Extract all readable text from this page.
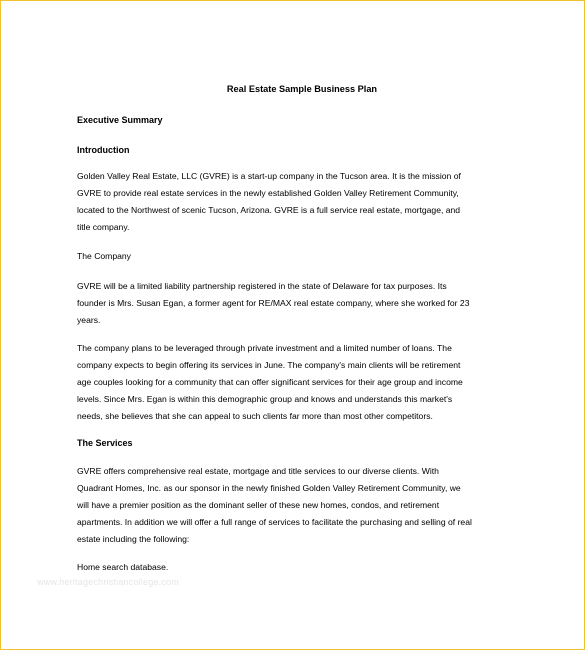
Real Estate Sample Business Plan
Executive Summary
Introduction
Golden Valley Real Estate, LLC (GVRE) is a start-up company in the Tucson area. It is the mission of
GVRE to provide real estate services in the newly established Golden Valley Retirement Community,
located to the Northwest of scenic Tucson, Arizona. GVRE is a full service real estate, mortgage, and
title company.
The Company
GVRE will be a limited liability partnership registered in the state of Delaware for tax purposes. Its
founder is Mrs. Susan Egan, a former agent for RE/MAX real estate company, where she worked for 23
years.
The company plans to be leveraged through private investment and a limited number of loans. The
company expects to begin offering its services in June. The company's main clients will be retirement
age couples looking for a community that can offer significant services for their age group and income
levels. Since Mrs. Egan is within this demographic group and knows and understands this market's
needs, she believes that she can appeal to such clients far more than most other competitors.
The Services
GVRE offers comprehensive real estate, mortgage and title services to our diverse clients. With
Quadrant Homes, Inc. as our sponsor in the newly finished Golden Valley Retirement Community, we
will have a premier position as the dominant seller of these new homes, condos, and retirement
apartments. In addition we will offer a full range of services to facilitate the purchasing and selling of real
estate including the following:
Home search database.
www.heritagechristiancollege.com
